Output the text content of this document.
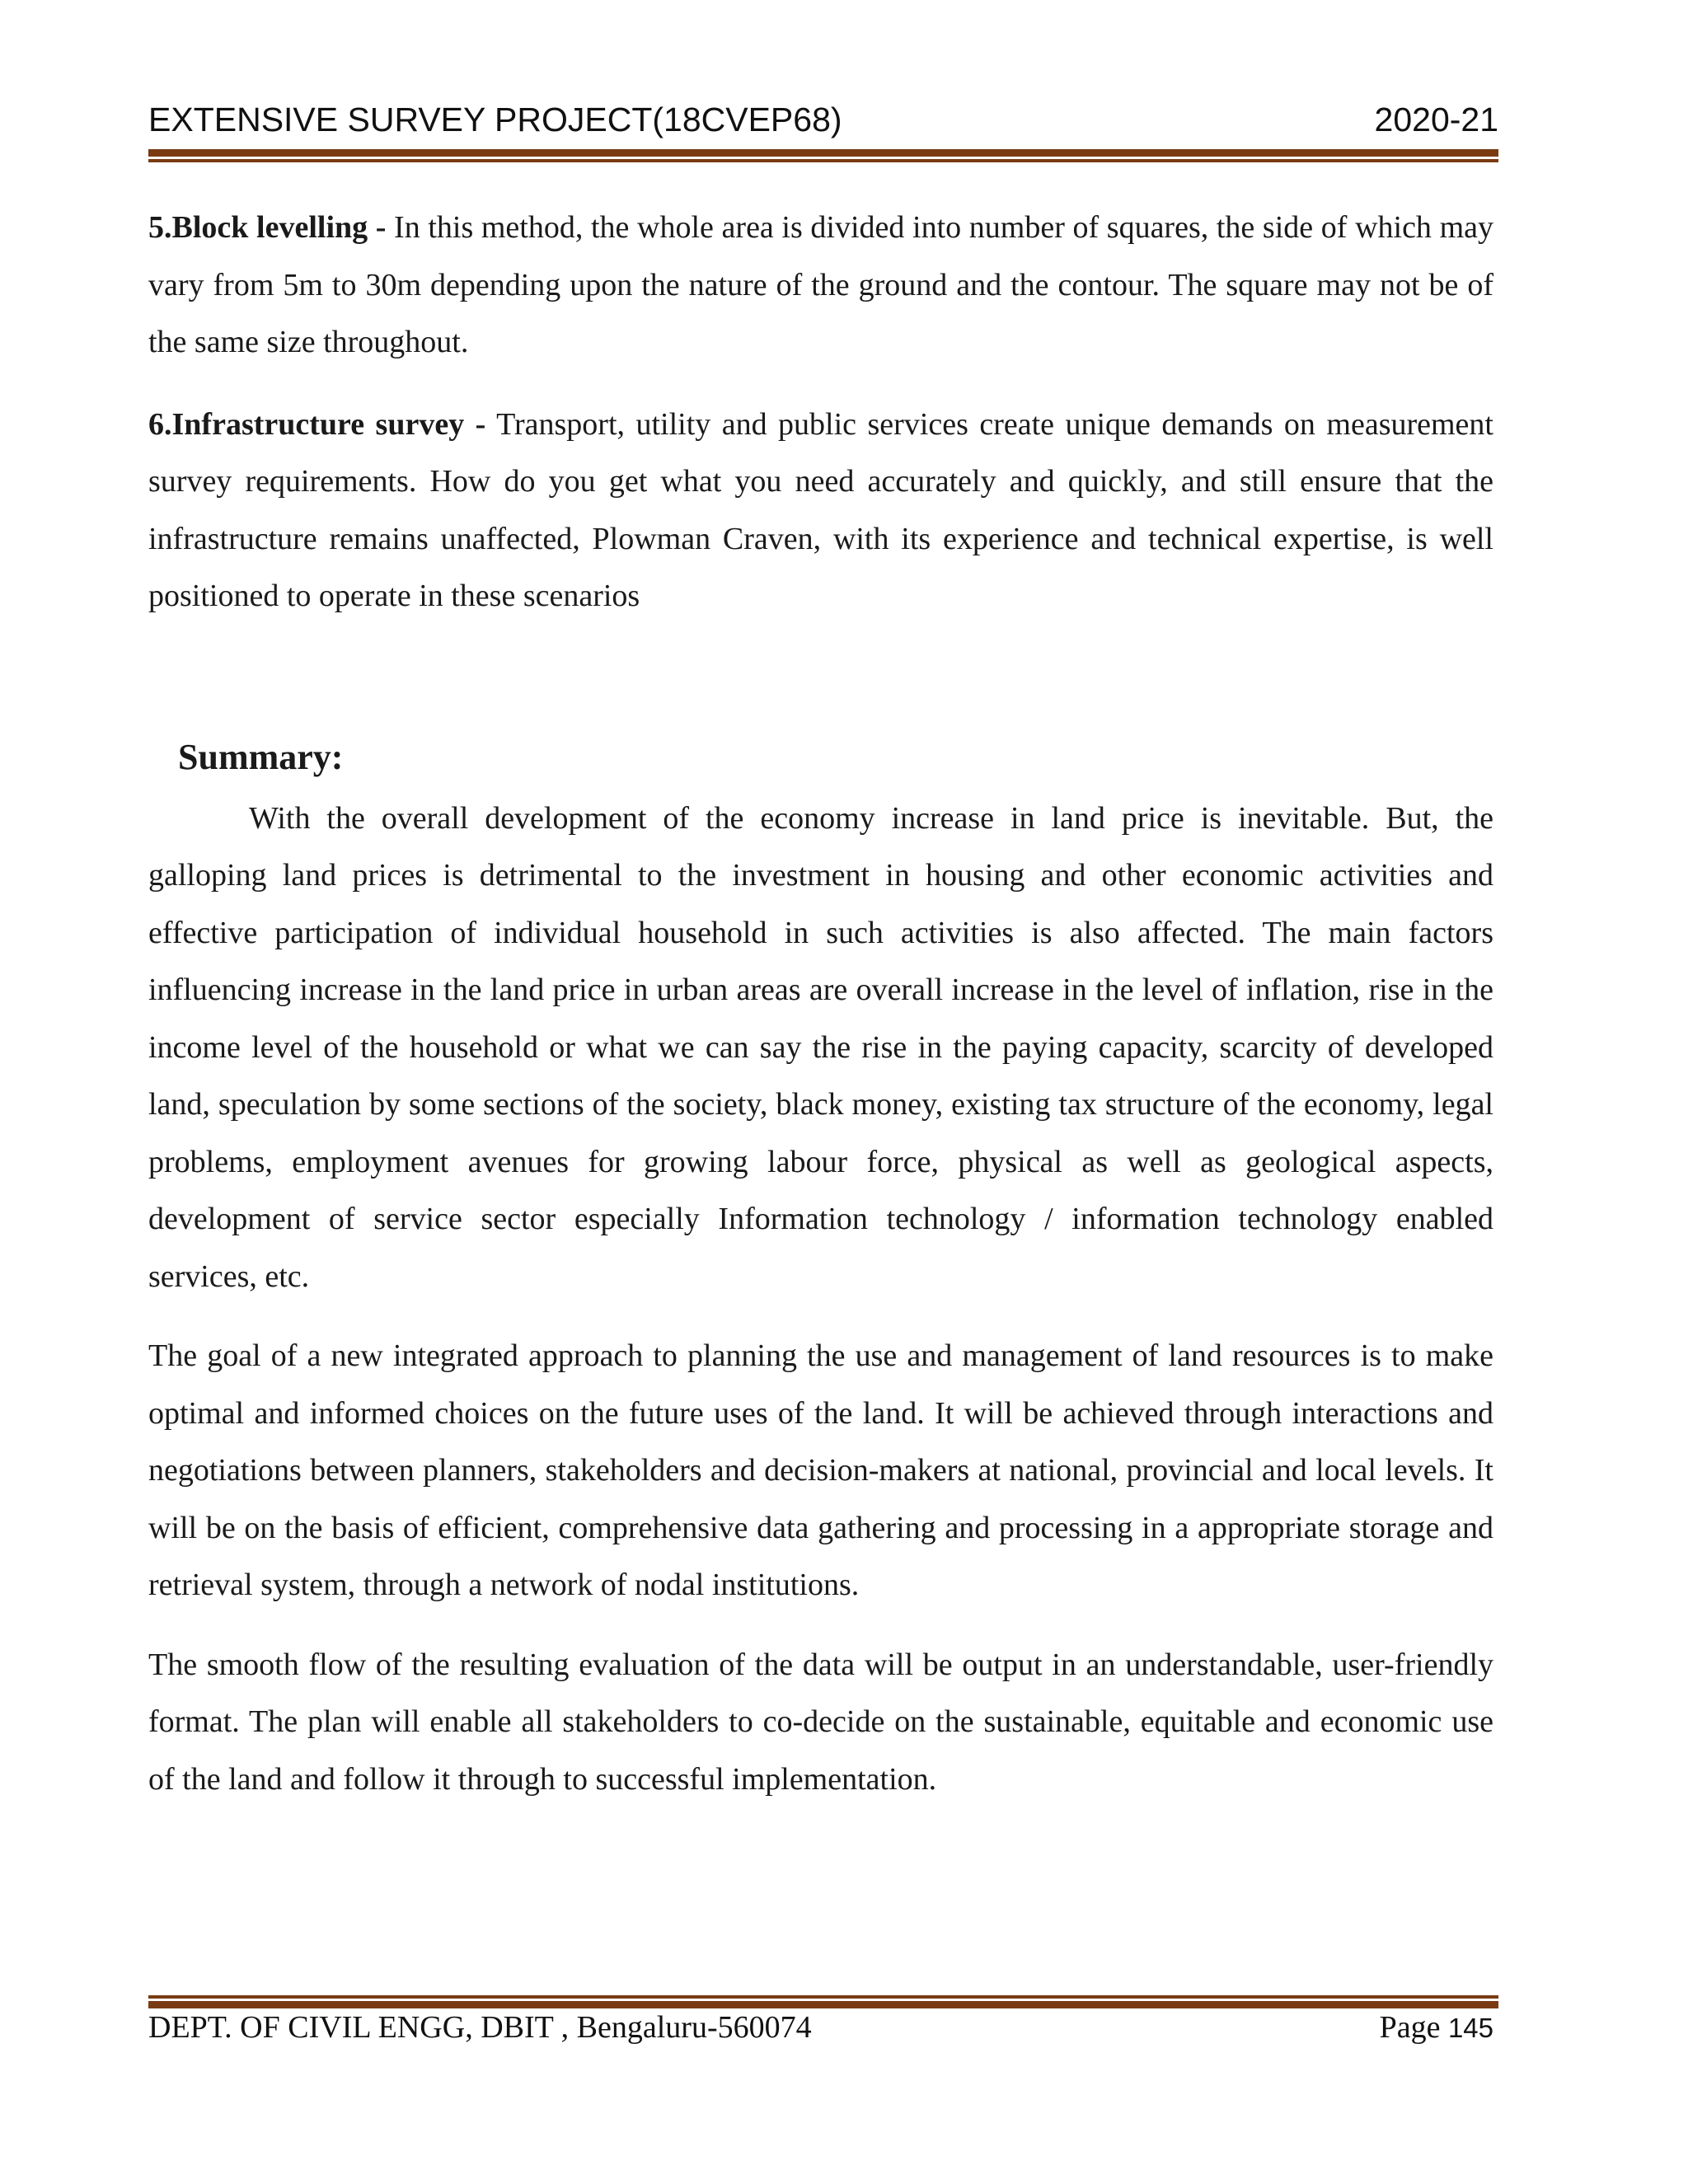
EXTENSIVE SURVEY PROJECT(18CVEP68)	2020-21

5.Block levelling - In this method, the whole area is divided into number of squares, the side of which may vary from 5m to 30m depending upon the nature of the ground and the contour. The square may not be of the same size throughout.

6.Infrastructure survey - Transport, utility and public services create unique demands on measurement survey requirements. How do you get what you need accurately and quickly, and still ensure that the infrastructure remains unaffected, Plowman Craven, with its experience and technical expertise, is well positioned to operate in these scenarios

Summary:

With the overall development of the economy increase in land price is inevitable. But, the galloping land prices is detrimental to the investment in housing and other economic activities and effective participation of individual household in such activities is also affected. The main factors influencing increase in the land price in urban areas are overall increase in the level of inflation, rise in the income level of the household or what we can say the rise in the paying capacity, scarcity of developed land, speculation by some sections of the society, black money, existing tax structure of the economy, legal problems, employment avenues for growing labour force, physical as well as geological aspects, development of service sector especially Information technology / information technology enabled services, etc.

The goal of a new integrated approach to planning the use and management of land resources is to make optimal and informed choices on the future uses of the land. It will be achieved through interactions and negotiations between planners, stakeholders and decision-makers at national, provincial and local levels. It will be on the basis of efficient, comprehensive data gathering and processing in a appropriate storage and retrieval system, through a network of nodal institutions.

The smooth flow of the resulting evaluation of the data will be output in an understandable, user-friendly format. The plan will enable all stakeholders to co-decide on the sustainable, equitable and economic use of the land and follow it through to successful implementation.

DEPT. OF CIVIL ENGG, DBIT , Bengaluru-560074	Page 145
